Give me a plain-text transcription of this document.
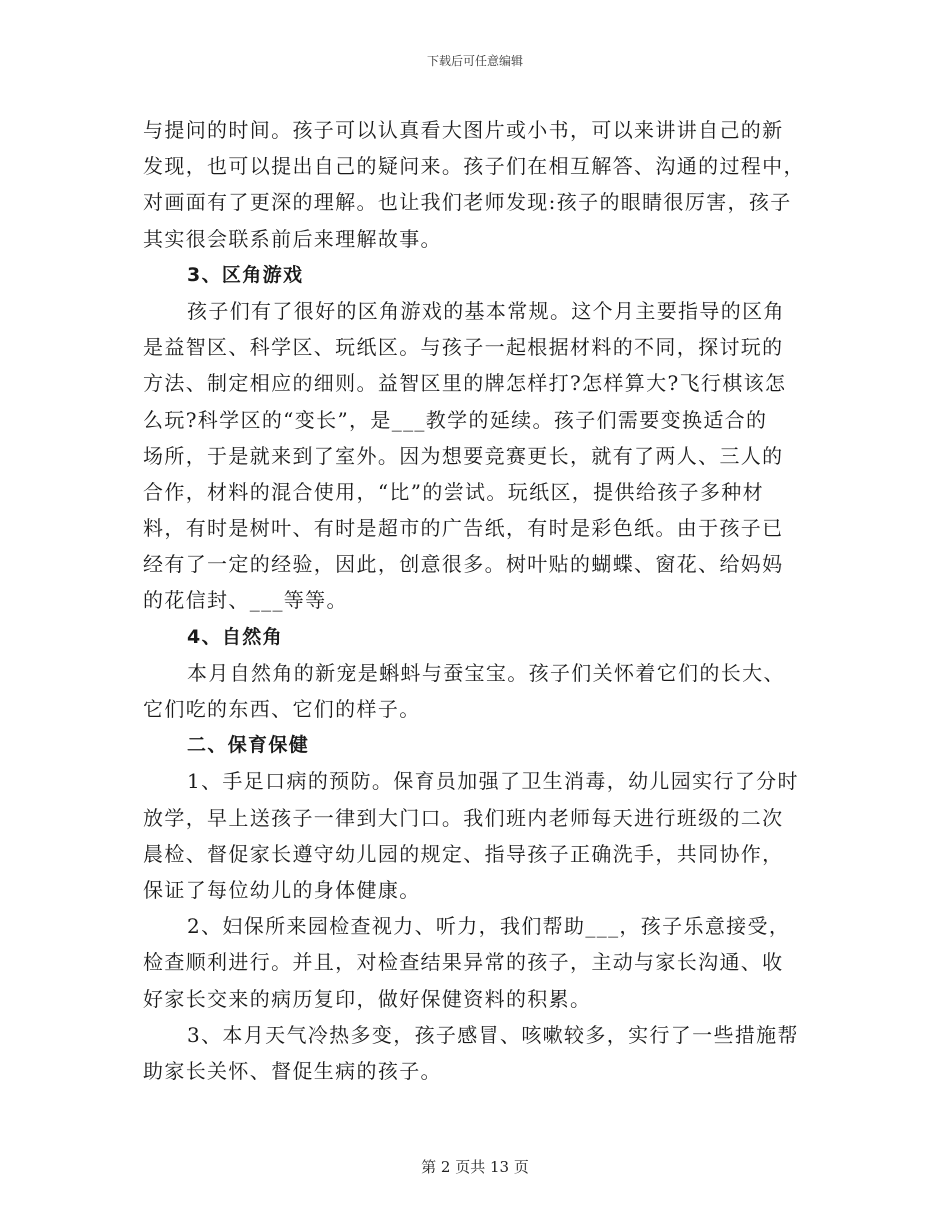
下载后可任意编辑
与提问的时间。孩子可以认真看大图片或小书，可以来讲讲自己的新
发现，也可以提出自己的疑问来。孩子们在相互解答、沟通的过程中，
对画面有了更深的理解。也让我们老师发现:孩子的眼睛很厉害，孩子
其实很会联系前后来理解故事。
3、区角游戏
孩子们有了很好的区角游戏的基本常规。这个月主要指导的区角
是益智区、科学区、玩纸区。与孩子一起根据材料的不同，探讨玩的
方法、制定相应的细则。益智区里的牌怎样打?怎样算大?飞行棋该怎
么玩?科学区的“变长”，是___教学的延续。孩子们需要变换适合的
场所，于是就来到了室外。因为想要竞赛更长，就有了两人、三人的
合作，材料的混合使用，“比”的尝试。玩纸区，提供给孩子多种材
料，有时是树叶、有时是超市的广告纸，有时是彩色纸。由于孩子已
经有了一定的经验，因此，创意很多。树叶贴的蝴蝶、窗花、给妈妈
的花信封、___等等。
4、自然角
本月自然角的新宠是蝌蚪与蚕宝宝。孩子们关怀着它们的长大、
它们吃的东西、它们的样子。
二、保育保健
1、手足口病的预防。保育员加强了卫生消毒，幼儿园实行了分时
放学，早上送孩子一律到大门口。我们班内老师每天进行班级的二次
晨检、督促家长遵守幼儿园的规定、指导孩子正确洗手，共同协作，
保证了每位幼儿的身体健康。
2、妇保所来园检查视力、听力，我们帮助___，孩子乐意接受，
检查顺利进行。并且，对检查结果异常的孩子，主动与家长沟通、收
好家长交来的病历复印，做好保健资料的积累。
3、本月天气冷热多变，孩子感冒、咳嗽较多，实行了一些措施帮
助家长关怀、督促生病的孩子。
第 2 页共 13 页
